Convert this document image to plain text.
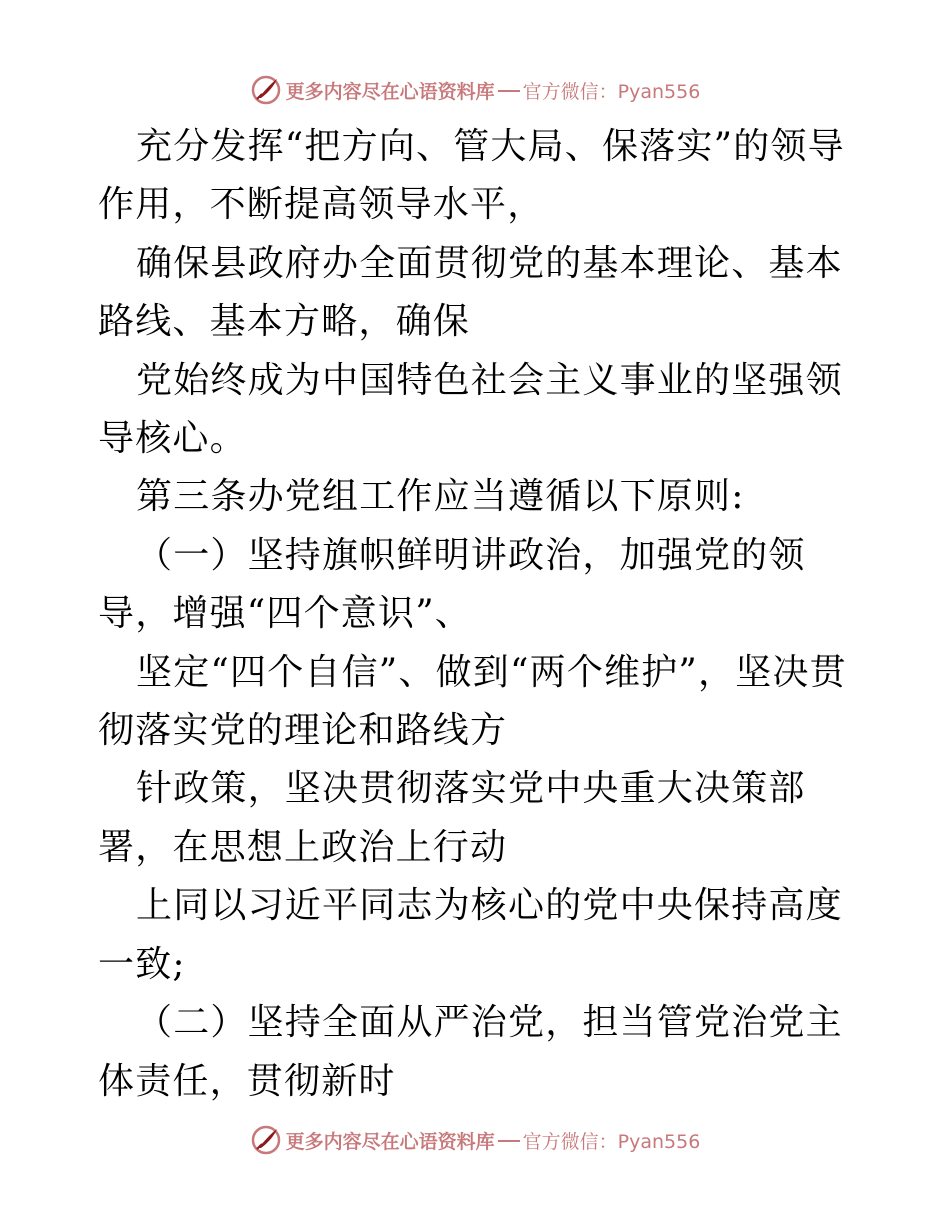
更多内容尽在心语资料库 官方微信：Pyan556

充分发挥“把方向、管大局、保落实”的领导作用，不断提高领导水平，

确保县政府办全面贯彻党的基本理论、基本路线、基本方略，确保

党始终成为中国特色社会主义事业的坚强领导核心。

第三条办党组工作应当遵循以下原则:

（一）坚持旗帜鲜明讲政治，加强党的领导，增强“四个意识”、

坚定“四个自信”、做到“两个维护”，坚决贯彻落实党的理论和路线方

针政策，坚决贯彻落实党中央重大决策部署，在思想上政治上行动

上同以习近平同志为核心的党中央保持高度一致;

（二）坚持全面从严治党，担当管党治党主体责任，贯彻新时

更多内容尽在心语资料库 官方微信：Pyan556
